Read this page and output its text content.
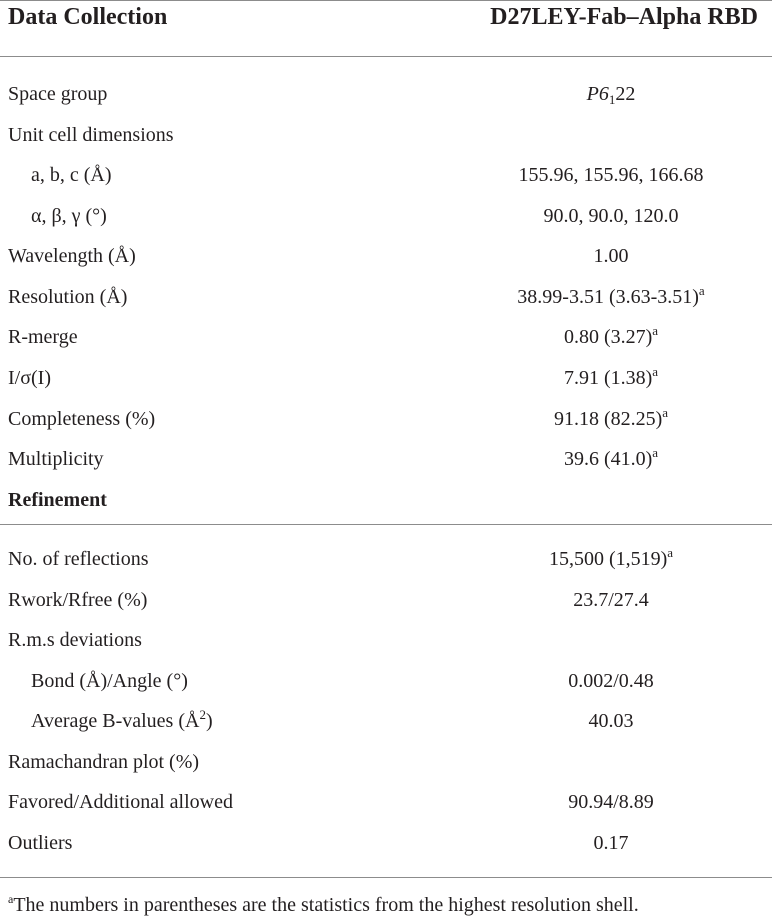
Data Collection	D27LEY-Fab–Alpha RBD
Space group	$P6_122$
Unit cell dimensions
a, b, c (Å)	155.96, 155.96, 166.68
α, β, γ (°)	90.0, 90.0, 120.0
Wavelength (Å)	1.00
Resolution (Å)	38.99-3.51 $(3.63-3.51)^a$
R-merge	0.80 $(3.27)^a$
I/σ(I)	7.91 $(1.38)^a$
Completeness (%)	91.18 $(82.25)^a$
Multiplicity	39.6 $(41.0)^a$
Refinement
No. of reflections	15,500 $(1,519)^a$
Rwork/Rfree (%)	23.7/27.4
R.m.s deviations
Bond (Å)/Angle (°)	0.002/0.48
Average B-values $(Å^2)$	40.03
Ramachandran plot (%)
Favored/Additional allowed	90.94/8.89
Outliers	0.17
$^a$The numbers in parentheses are the statistics from the highest resolution shell.
